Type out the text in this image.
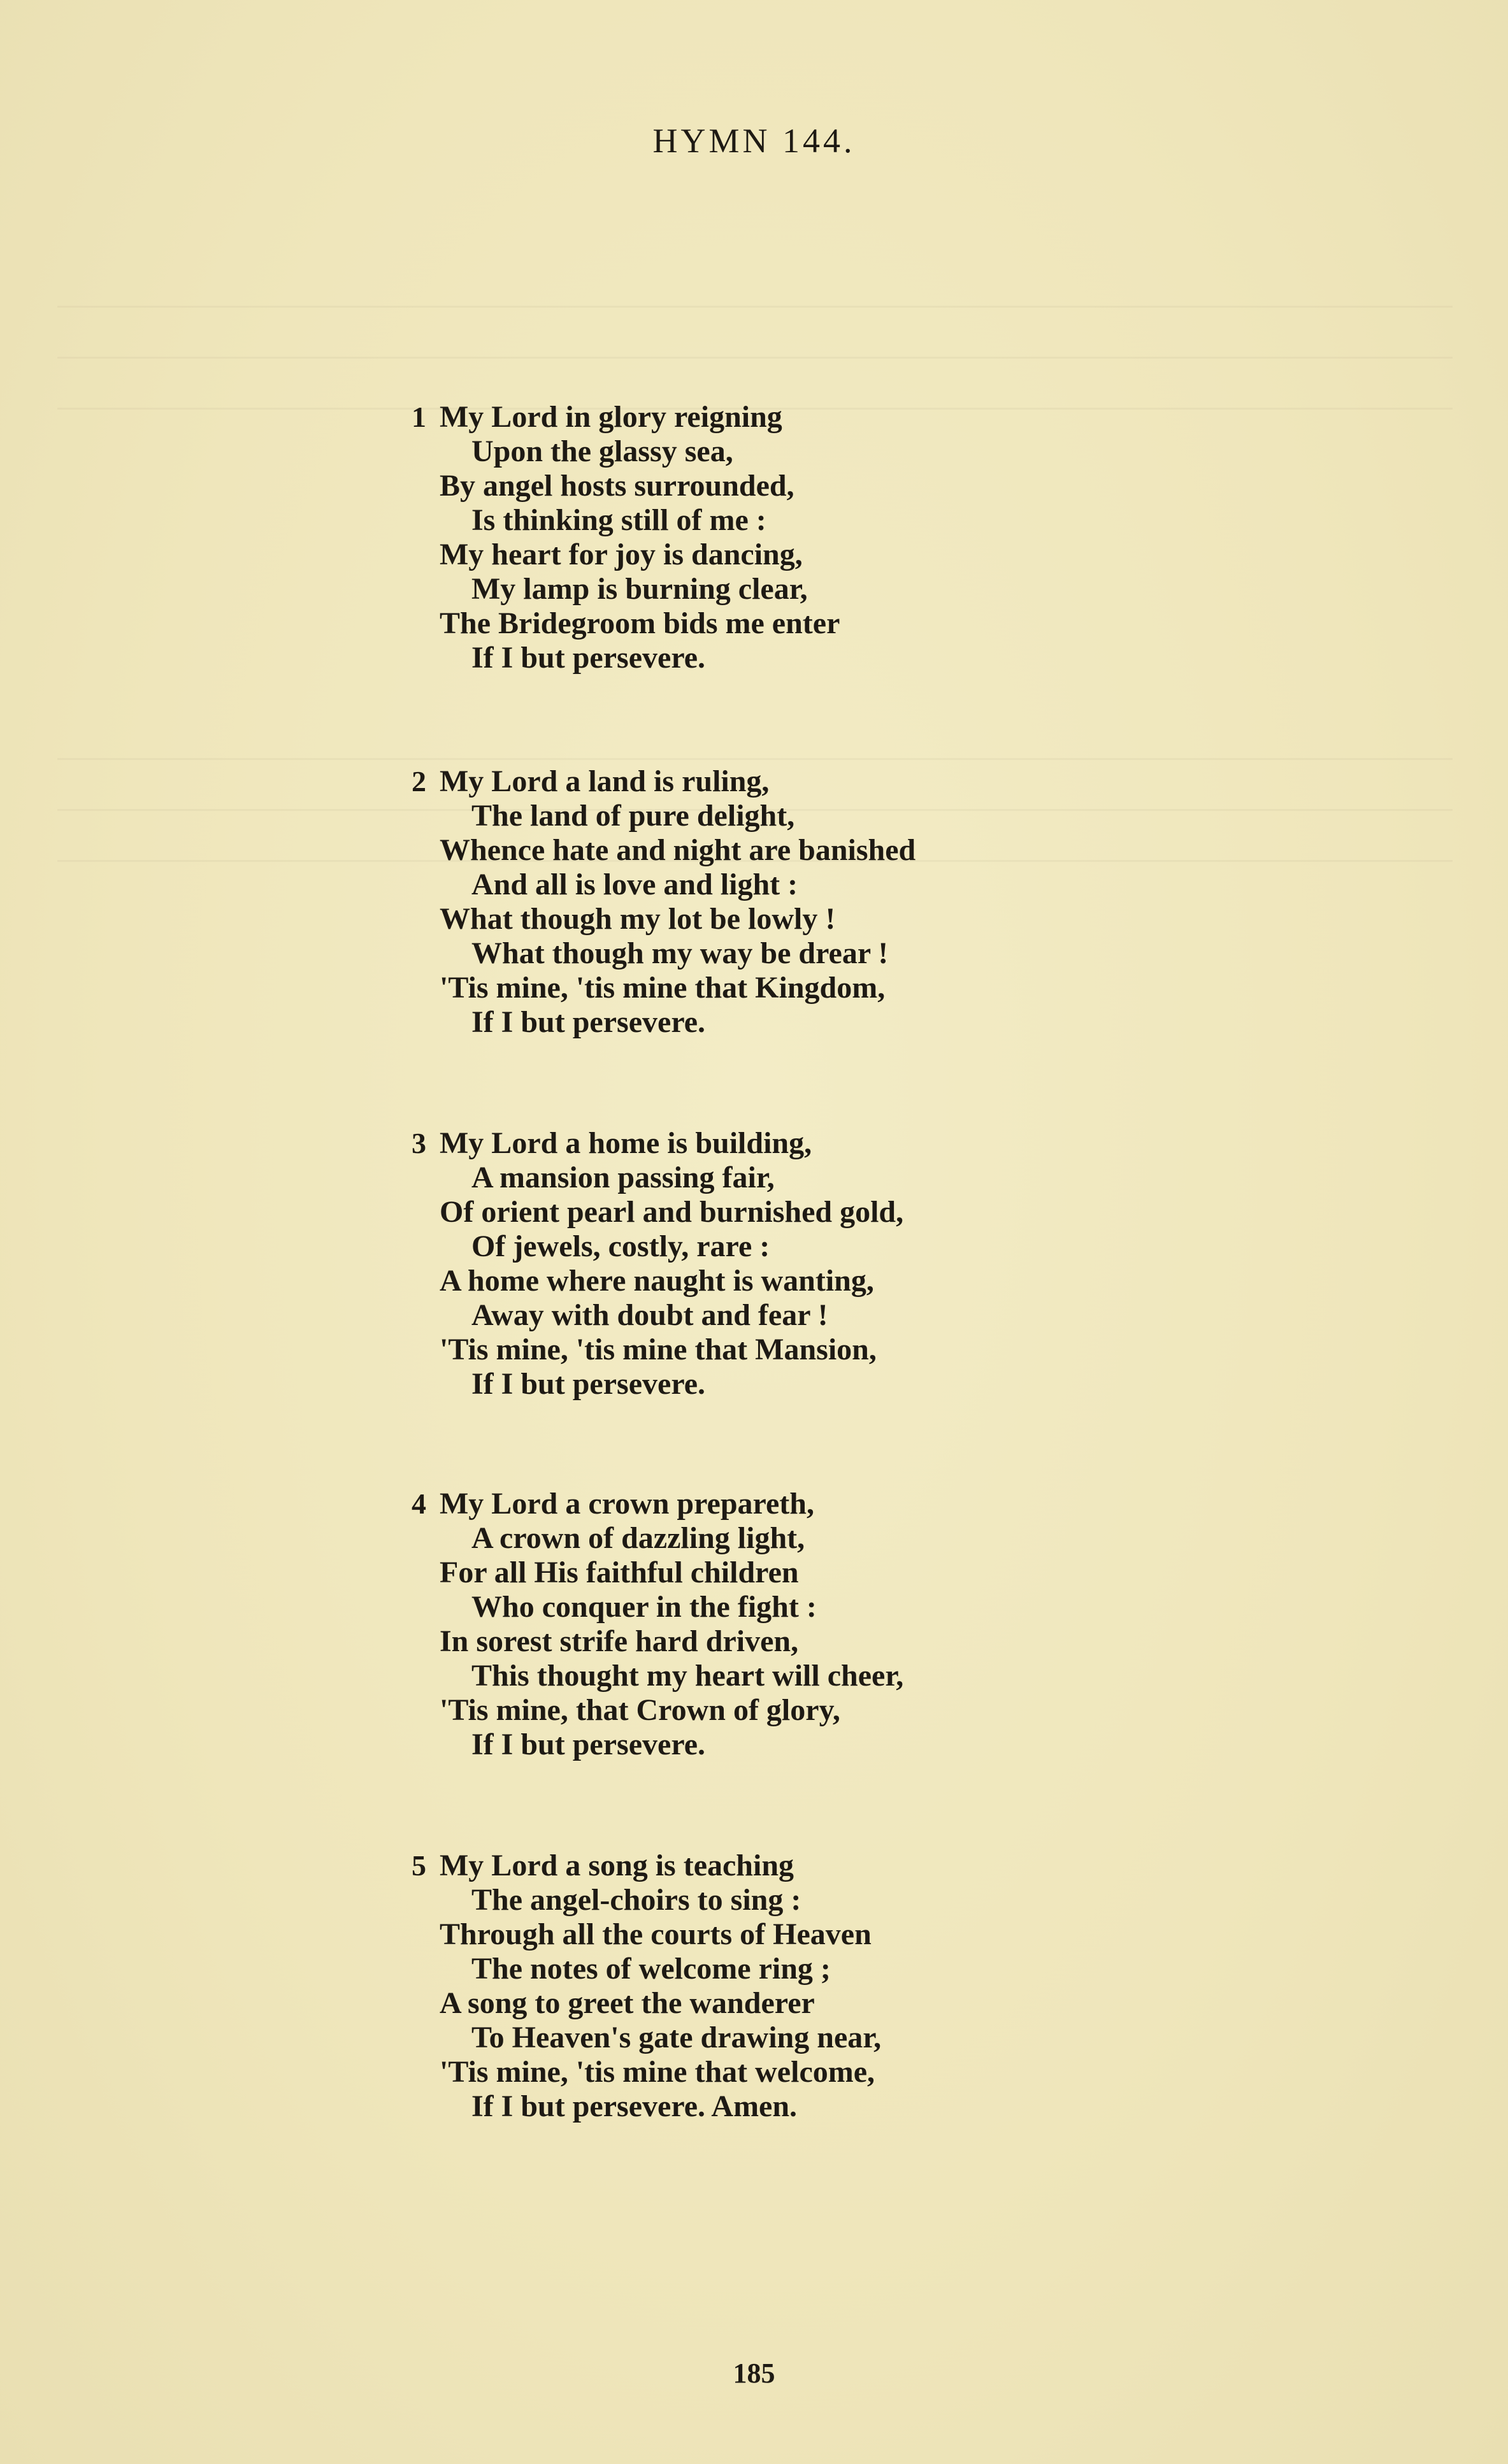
HYMN 144.
1 My Lord in glory reigning
Upon the glassy sea,
By angel hosts surrounded,
Is thinking still of me :
My heart for joy is dancing,
My lamp is burning clear,
The Bridegroom bids me enter
If I but persevere.
2 My Lord a land is ruling,
The land of pure delight,
Whence hate and night are banished
And all is love and light :
What though my lot be lowly !
What though my way be drear !
'Tis mine, 'tis mine that Kingdom,
If I but persevere.
3 My Lord a home is building,
A mansion passing fair,
Of orient pearl and burnished gold,
Of jewels, costly, rare :
A home where naught is wanting,
Away with doubt and fear !
'Tis mine, 'tis mine that Mansion,
If I but persevere.
4 My Lord a crown prepareth,
A crown of dazzling light,
For all His faithful children
Who conquer in the fight :
In sorest strife hard driven,
This thought my heart will cheer,
'Tis mine, that Crown of glory,
If I but persevere.
5 My Lord a song is teaching
The angel-choirs to sing :
Through all the courts of Heaven
The notes of welcome ring ;
A song to greet the wanderer
To Heaven's gate drawing near,
'Tis mine, 'tis mine that welcome,
If I but persevere. Amen.
185
